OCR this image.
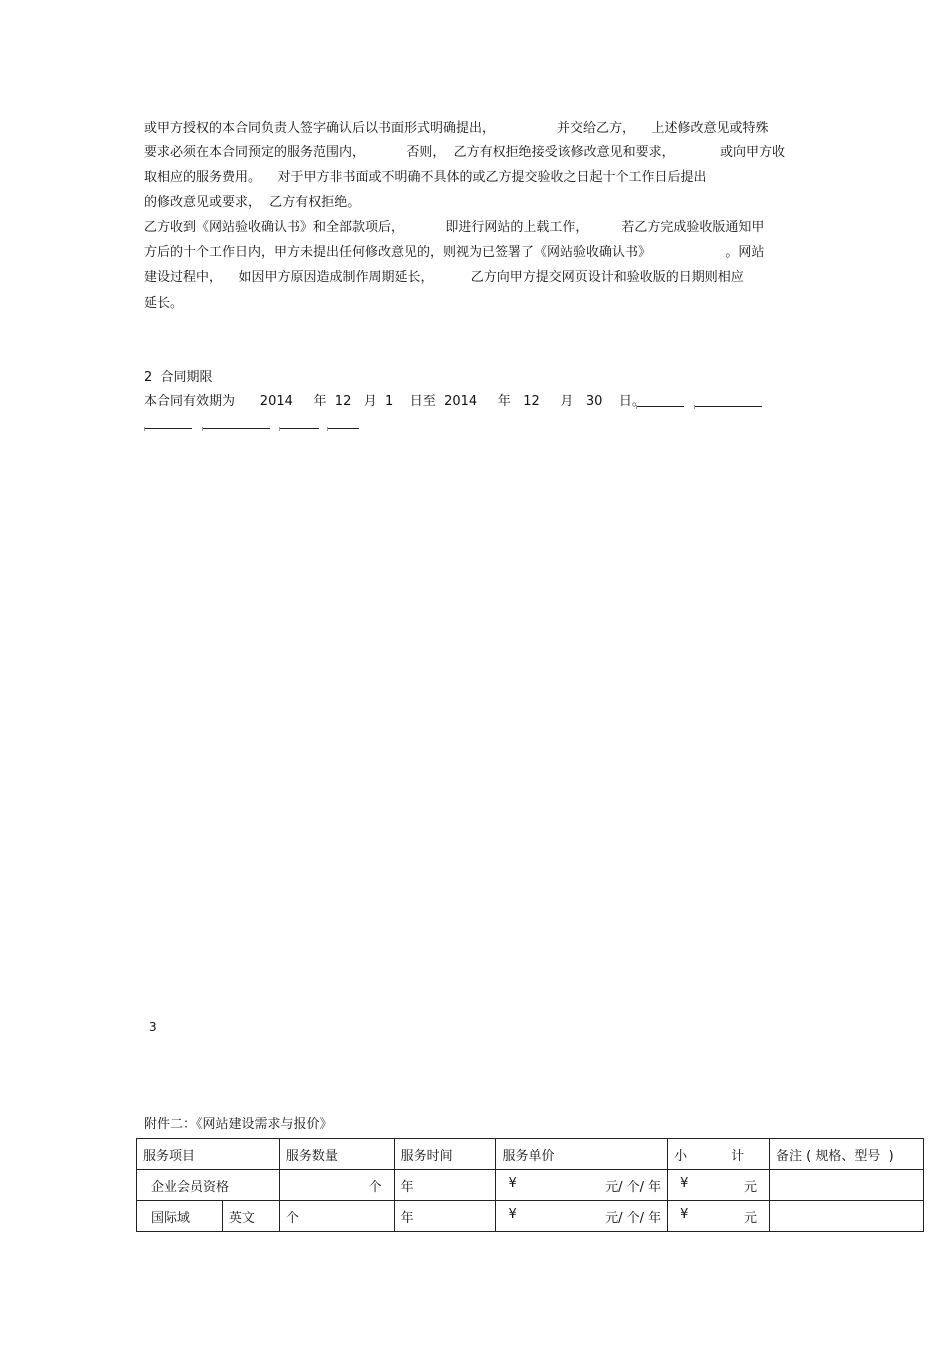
或甲方授权的本合同负责人签字确认后以书面形式明确提出，               并交给乙方，    上述修改意见或特殊
要求必须在本合同预定的服务范围内，          否则，  乙方有权拒绝接受该修改意见和要求，           或向甲方收
取相应的服务费用。    对于甲方非书面或不明确不具体的或乙方提交验收之日起十个工作日后提出
的修改意见或要求，  乙方有权拒绝。
乙方收到《网站验收确认书》和全部款项后，          即进行网站的上载工作，        若乙方完成验收版通知甲
方后的十个工作日内，甲方未提出任何修改意见的，则视为已签署了《网站验收确认书》                  。网站
建设过程中，    如因甲方原因造成制作周期延长，         乙方向甲方提交网页设计和验收版的日期则相应
延长。
2  合同期限
本合同有效期为      2014     年  12   月  1    日至  2014     年   12     月   30    日。
3
附件二：《网站建设需求与报价》
服务项目		服务数量	服务时间	服务单价	小 计	备注 ( 规格、型号  )
企业会员资格		个	年	¥ 元/ 个/ 年	¥ 元	

国际域	英文	个	年	¥ 元/ 个/ 年	¥ 元	
